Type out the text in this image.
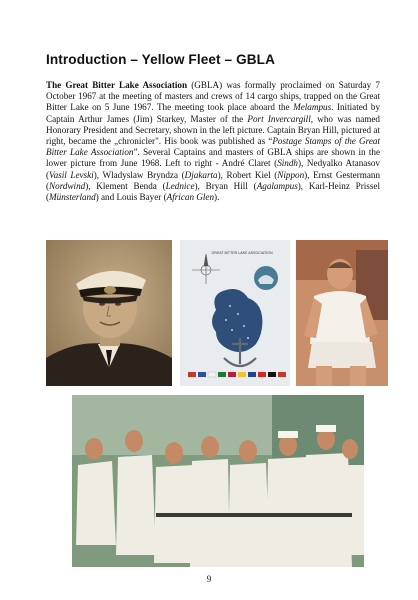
Introduction – Yellow Fleet – GBLA
The Great Bitter Lake Association (GBLA) was formally proclaimed on Saturday 7 October 1967 at the meeting of masters and crews of 14 cargo ships, trapped on the Great Bitter Lake on 5 June 1967. The meeting took place aboard the Melampus. Initiated by Captain Arthur James (Jim) Starkey, Master of the Port Invercargill, who was named Honorary President and Secretary, shown in the left picture. Captain Bryan Hill, pictured at right, became the „chronicler". His book was published as “Postage Stamps of the Great Bitter Lake Association”. Several Captains and masters of GBLA ships are shown in the lower picture from June 1968. Left to right - André Claret (Sindh), Nedyalko Atanasov (Vasil Levski), Wladyslaw Bryndza (Djakarta), Robert Kiel (Nippon), Ernst Gestermann (Nordwind), Klement Benda (Lednice), Bryan Hill (Agalampus), Karl-Heinz Prissel (Münsterland) and Louis Bayer (African Glen).
GREAT BITTER LAKE ASSOCIATION
9
